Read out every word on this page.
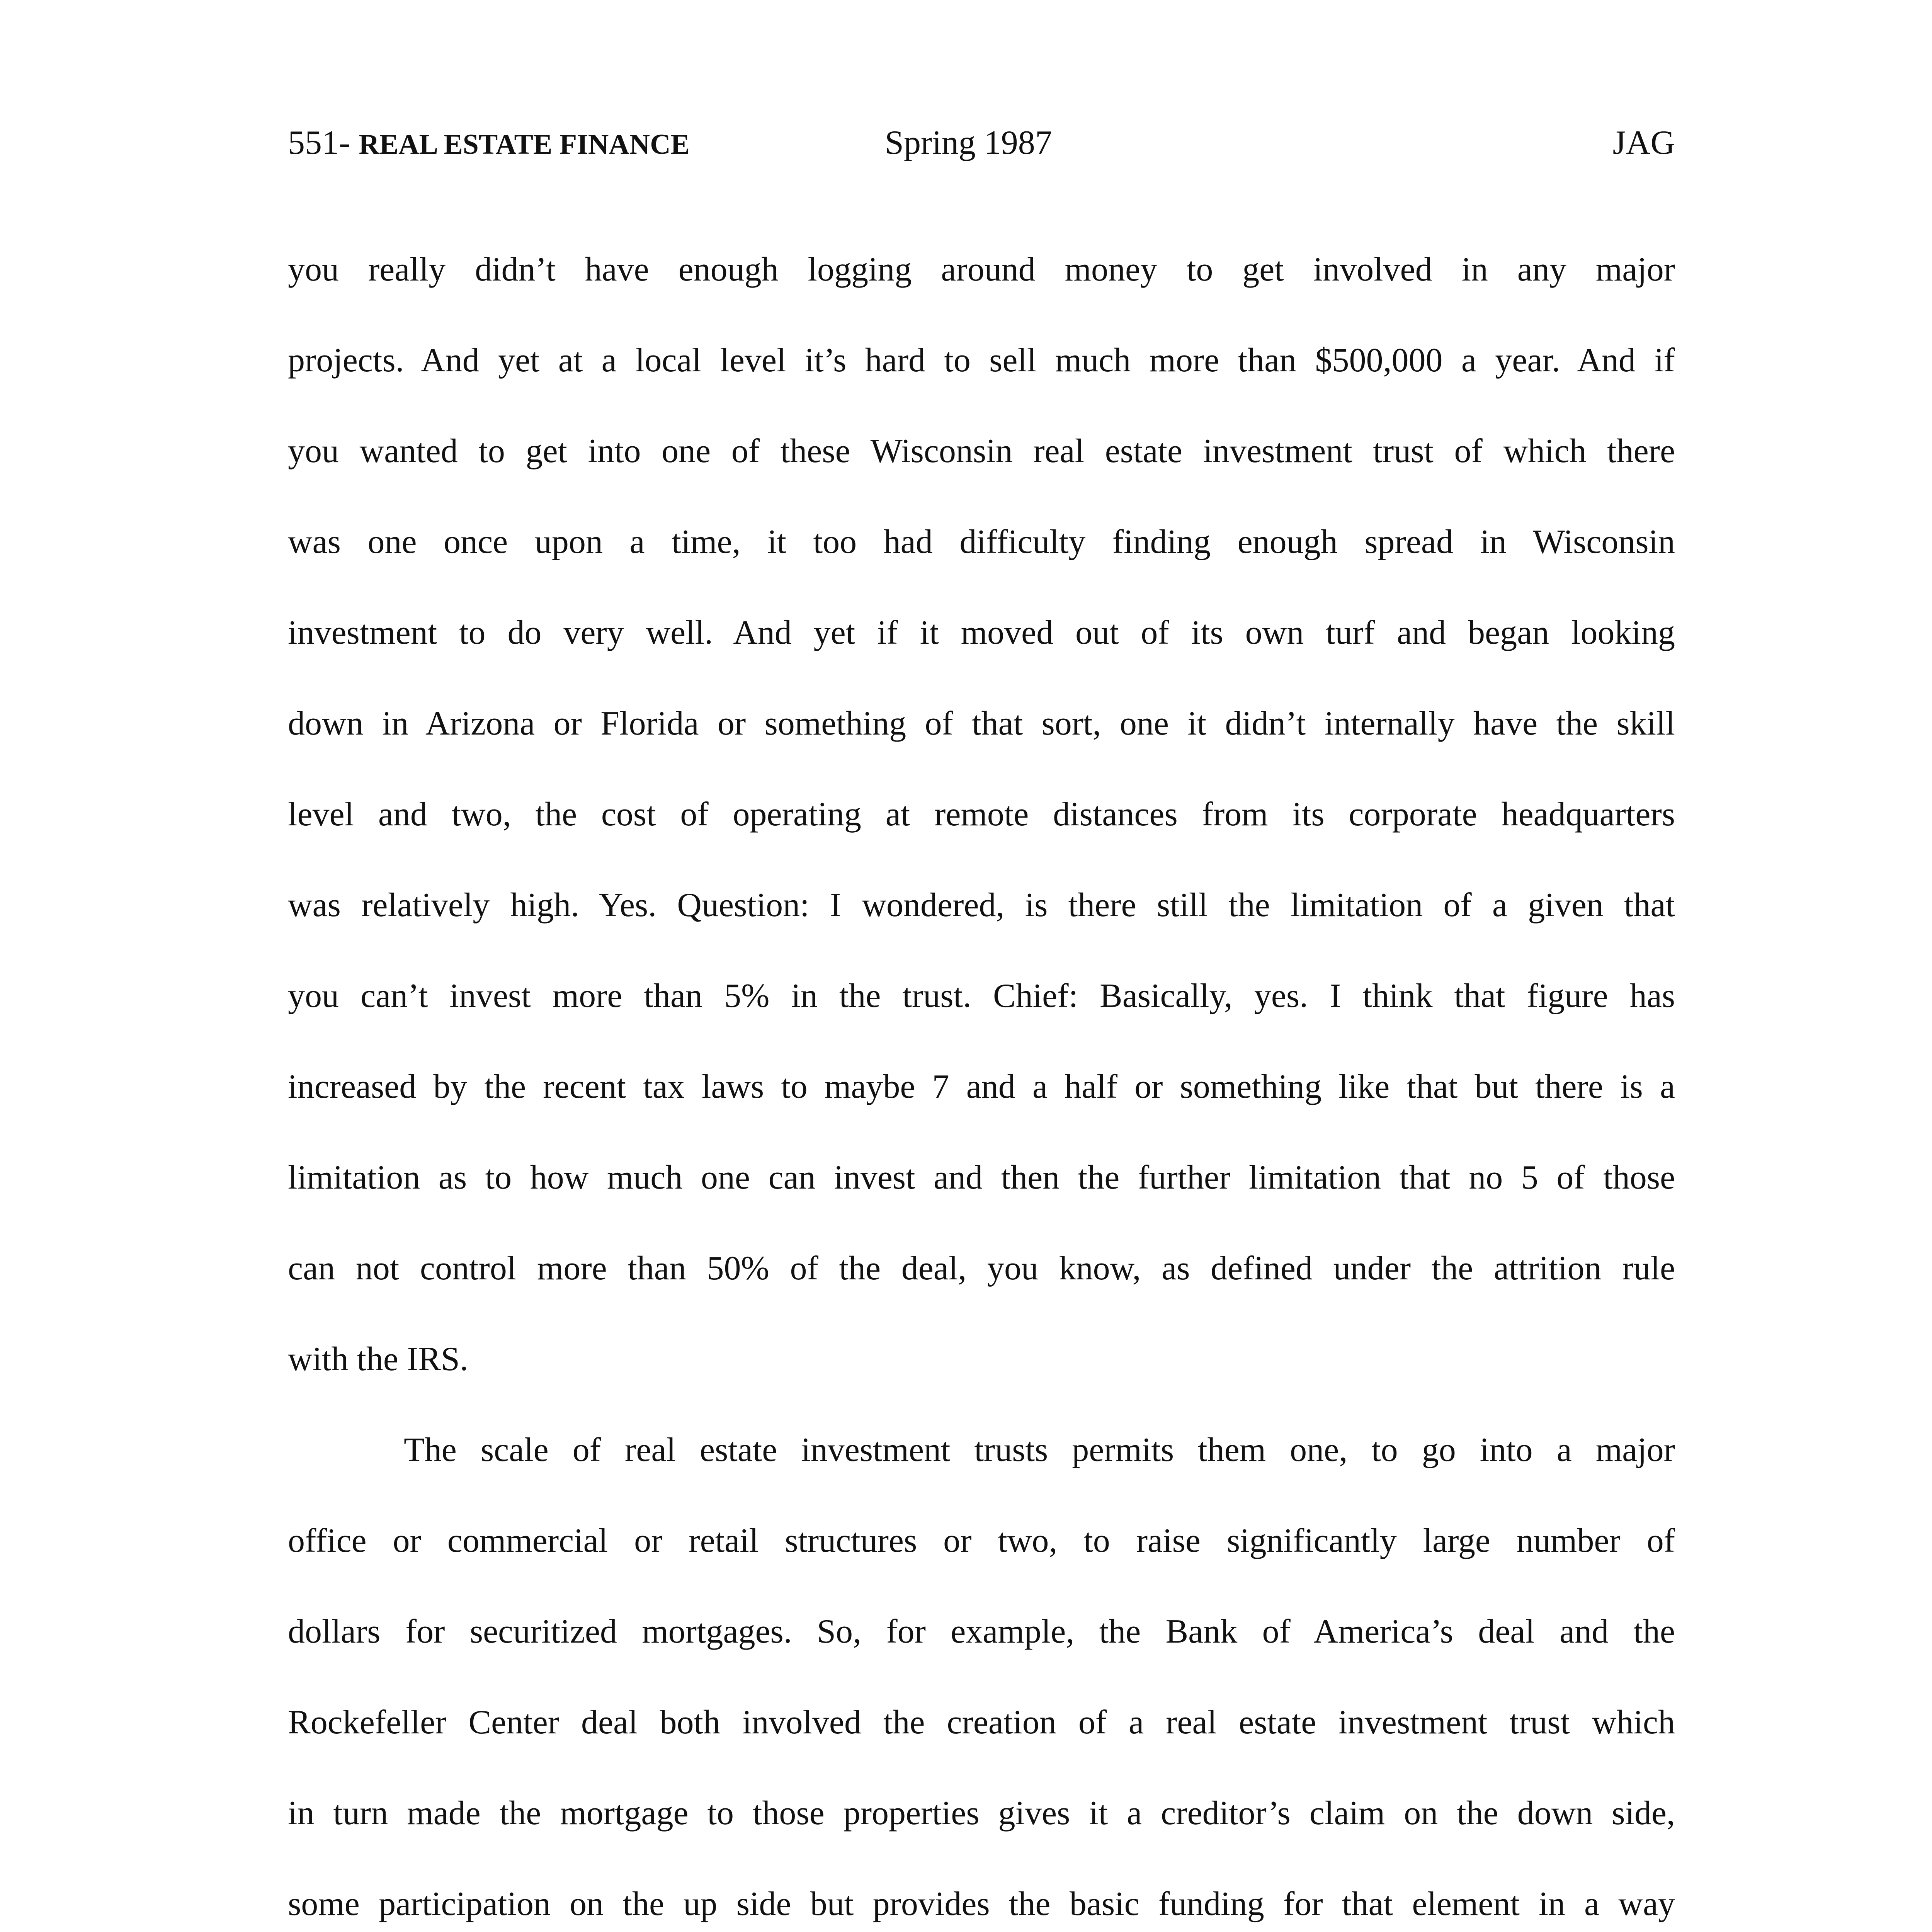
551- REAL ESTATE FINANCE	Spring 1987	JAG
you really didn’t have enough logging around money to get involved in any major
projects. And yet at a local level it’s hard to sell much more than $500,000 a year. And if
you wanted to get into one of these Wisconsin real estate investment trust of which there
was one once upon a time, it too had difficulty finding enough spread in Wisconsin
investment to do very well. And yet if it moved out of its own turf and began looking
down in Arizona or Florida or something of that sort, one it didn’t internally have the skill
level and two, the cost of operating at remote distances from its corporate headquarters
was relatively high. Yes. Question: I wondered, is there still the limitation of a given that
you can’t invest more than 5% in the trust. Chief: Basically, yes. I think that figure has
increased by the recent tax laws to maybe 7 and a half or something like that but there is a
limitation as to how much one can invest and then the further limitation that no 5 of those
can not control more than 50% of the deal, you know, as defined under the attrition rule
with the IRS.
The scale of real estate investment trusts permits them one, to go into a major
office or commercial or retail structures or two, to raise significantly large number of
dollars for securitized mortgages. So, for example, the Bank of America’s deal and the
Rockefeller Center deal both involved the creation of a real estate investment trust which
in turn made the mortgage to those properties gives it a creditor’s claim on the down side,
some participation on the up side but provides the basic funding for that element in a way
